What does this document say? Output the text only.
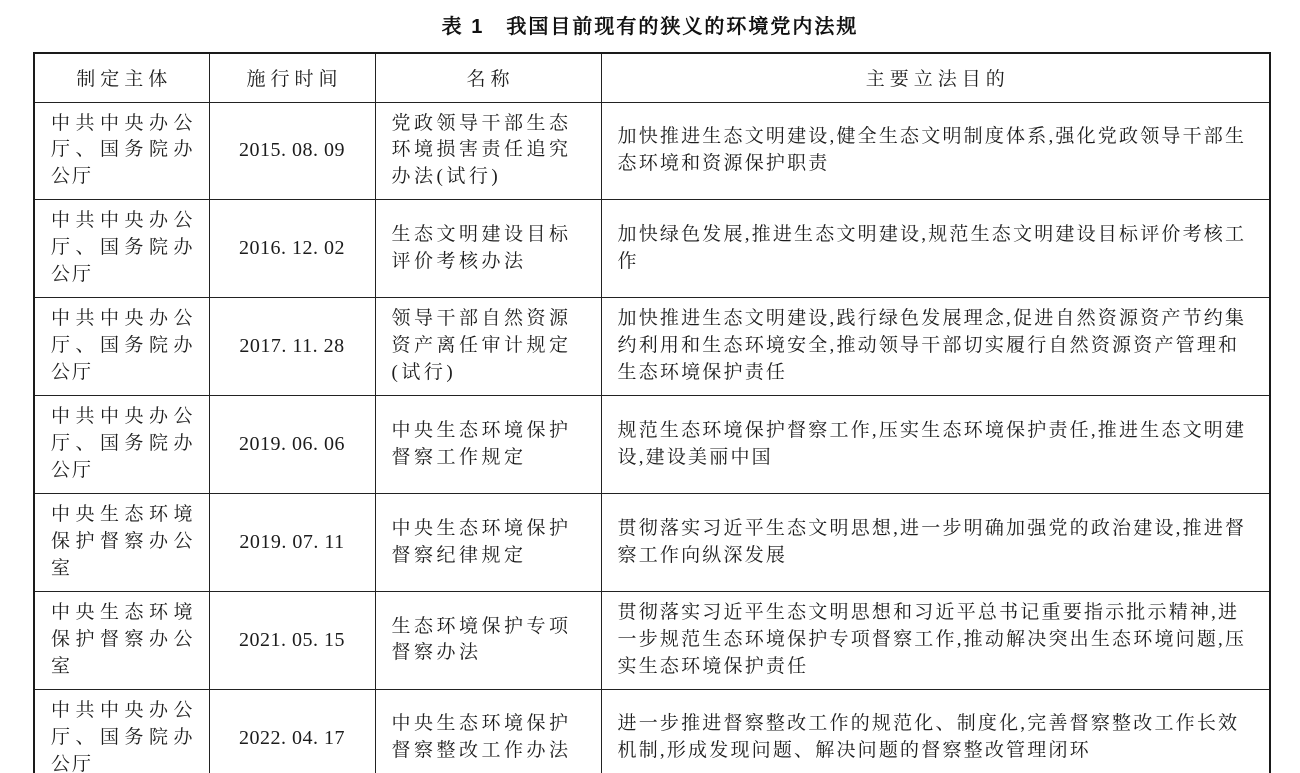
表 1　我国目前现有的狭义的环境党内法规
制定主体	施行时间	名称	主要立法目的
中共中央办公厅、国务院办公厅	2015. 08. 09	党政领导干部生态环境损害责任追究办法(试行)	加快推进生态文明建设,健全生态文明制度体系,强化党政领导干部生态环境和资源保护职责
中共中央办公厅、国务院办公厅	2016. 12. 02	生态文明建设目标评价考核办法	加快绿色发展,推进生态文明建设,规范生态文明建设目标评价考核工作
中共中央办公厅、国务院办公厅	2017. 11. 28	领导干部自然资源资产离任审计规定(试行)	加快推进生态文明建设,践行绿色发展理念,促进自然资源资产节约集约利用和生态环境安全,推动领导干部切实履行自然资源资产管理和生态环境保护责任
中共中央办公厅、国务院办公厅	2019. 06. 06	中央生态环境保护督察工作规定	规范生态环境保护督察工作,压实生态环境保护责任,推进生态文明建设,建设美丽中国
中央生态环境保护督察办公室	2019. 07. 11	中央生态环境保护督察纪律规定	贯彻落实习近平生态文明思想,进一步明确加强党的政治建设,推进督察工作向纵深发展
中央生态环境保护督察办公室	2021. 05. 15	生态环境保护专项督察办法	贯彻落实习近平生态文明思想和习近平总书记重要指示批示精神,进一步规范生态环境保护专项督察工作,推动解决突出生态环境问题,压实生态环境保护责任
中共中央办公厅、国务院办公厅	2022. 04. 17	中央生态环境保护督察整改工作办法	进一步推进督察整改工作的规范化、制度化,完善督察整改工作长效机制,形成发现问题、解决问题的督察整改管理闭环
